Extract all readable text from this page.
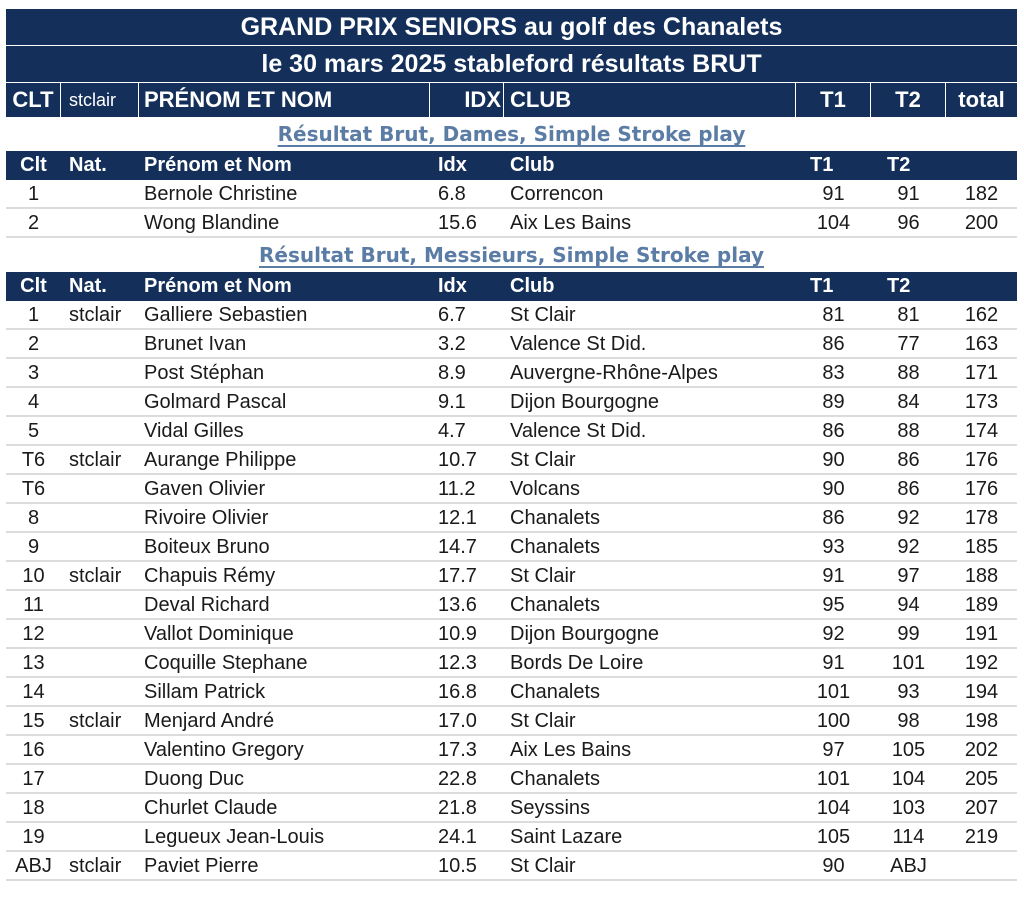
GRAND PRIX SENIORS au golf des Chanalets
le 30 mars 2025 stableford résultats BRUT
CLT stclair	PRÉNOM ET NOM	IDX CLUB	T1	T2	total
Résultat Brut, Dames, Simple Stroke play
Clt	Nat.	Prénom et Nom	Idx	Club	T1	T2
1	Bernole Christine	6.8	Correncon	91	91	182
2	Wong Blandine	15.6	Aix Les Bains	104	96	200
Résultat Brut, Messieurs, Simple Stroke play
Clt	Nat.	Prénom et Nom	Idx	Club	T1	T2
1	stclair	Galliere Sebastien	6.7	St Clair	81	81	162
2	Brunet Ivan	3.2	Valence St Did.	86	77	163
3	Post Stéphan	8.9	Auvergne-Rhône-Alpes	83	88	171
4	Golmard Pascal	9.1	Dijon Bourgogne	89	84	173
5	Vidal Gilles	4.7	Valence St Did.	86	88	174
T6	stclair	Aurange Philippe	10.7	St Clair	90	86	176
T6	Gaven Olivier	11.2	Volcans	90	86	176
8	Rivoire Olivier	12.1	Chanalets	86	92	178
9	Boiteux Bruno	14.7	Chanalets	93	92	185
10	stclair	Chapuis Rémy	17.7	St Clair	91	97	188
11	Deval Richard	13.6	Chanalets	95	94	189
12	Vallot Dominique	10.9	Dijon Bourgogne	92	99	191
13	Coquille Stephane	12.3	Bords De Loire	91	101	192
14	Sillam Patrick	16.8	Chanalets	101	93	194
15	stclair	Menjard André	17.0	St Clair	100	98	198
16	Valentino Gregory	17.3	Aix Les Bains	97	105	202
17	Duong Duc	22.8	Chanalets	101	104	205
18	Churlet Claude	21.8	Seyssins	104	103	207
19	Legueux Jean-Louis	24.1	Saint Lazare	105	114	219
ABJ stclair	Paviet Pierre	10.5	St Clair	90	ABJ
